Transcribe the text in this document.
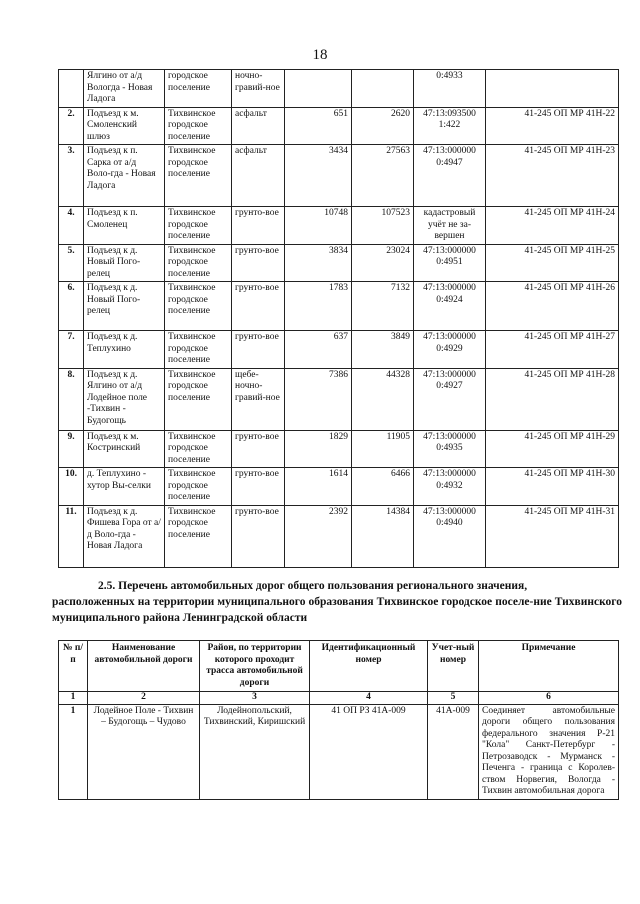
18
	Ялгино от а/д Вологда - Новая Ладога	городское поселение	ночно-гравий-ное			0:4933	
2.	Подъезд к м. Смоленский шлюз	Тихвинское городское поселение	асфальт	651	2620	47:13:093500 1:422	41-245 ОП МР 41Н-22
3.	Подъезд к п. Сарка от а/д Воло-гда - Новая Ладога	Тихвинское городское поселение	асфальт	3434	27563	47:13:000000 0:4947	41-245 ОП МР 41Н-23
4.	Подъезд к п. Смоленец	Тихвинское городское поселение	грунто-вое	10748	107523	кадастровый учёт не за-вершен	41-245 ОП МР 41Н-24
5.	Подъезд к д. Новый Пого-релец	Тихвинское городское поселение	грунто-вое	3834	23024	47:13:000000 0:4951	41-245 ОП МР 41Н-25
6.	Подъезд к д. Новый Пого-релец	Тихвинское городское поселение	грунто-вое	1783	7132	47:13:000000 0:4924	41-245 ОП МР 41Н-26
7.	Подъезд к д. Теплухино	Тихвинское городское поселение	грунто-вое	637	3849	47:13:000000 0:4929	41-245 ОП МР 41Н-27
8.	Подъезд к д. Ялгино от а/д Лодейное поле -Тихвин - Будогощь	Тихвинское городское поселение	щебе-ночно-гравий-ное	7386	44328	47:13:000000 0:4927	41-245 ОП МР 41Н-28
9.	Подъезд к м. Костринский	Тихвинское городское поселение	грунто-вое	1829	11905	47:13:000000 0:4935	41-245 ОП МР 41Н-29
10.	д. Теплухино - хутор Вы-селки	Тихвинское городское поселение	грунто-вое	1614	6466	47:13:000000 0:4932	41-245 ОП МР 41Н-30
11.	Подъезд к д. Фишева Гора от а/д Воло-гда - Новая Ладога	Тихвинское городское поселение	грунто-вое	2392	14384	47:13:000000 0:4940	41-245 ОП МР 41Н-31
2.5. Перечень автомобильных дорог общего пользования регионального значения,
расположенных на территории муниципального образования Тихвинское городское поселе-ние Тихвинского муниципального района Ленинградской области
№ п/п	Наименование автомобильной дороги	Район, по территории которого проходит трасса автомобильной дороги	Идентификационный номер	Учет-ный номер	Примечание
1	2	3	4	5	6
1	Лодейное Поле - Тихвин – Будогощь – Чудово	Лодейнопольский, Тихвинский, Киришский	41 ОП РЗ 41А-009	41А-009	Соединяет автомобильные дороги общего пользования федерального значения Р-21 "Кола" Санкт-Петербург - Петрозаводск - Мурманск - Печенга - граница с Королев-ством Норвегия, Вологда - Тихвин автомобильная дорога
